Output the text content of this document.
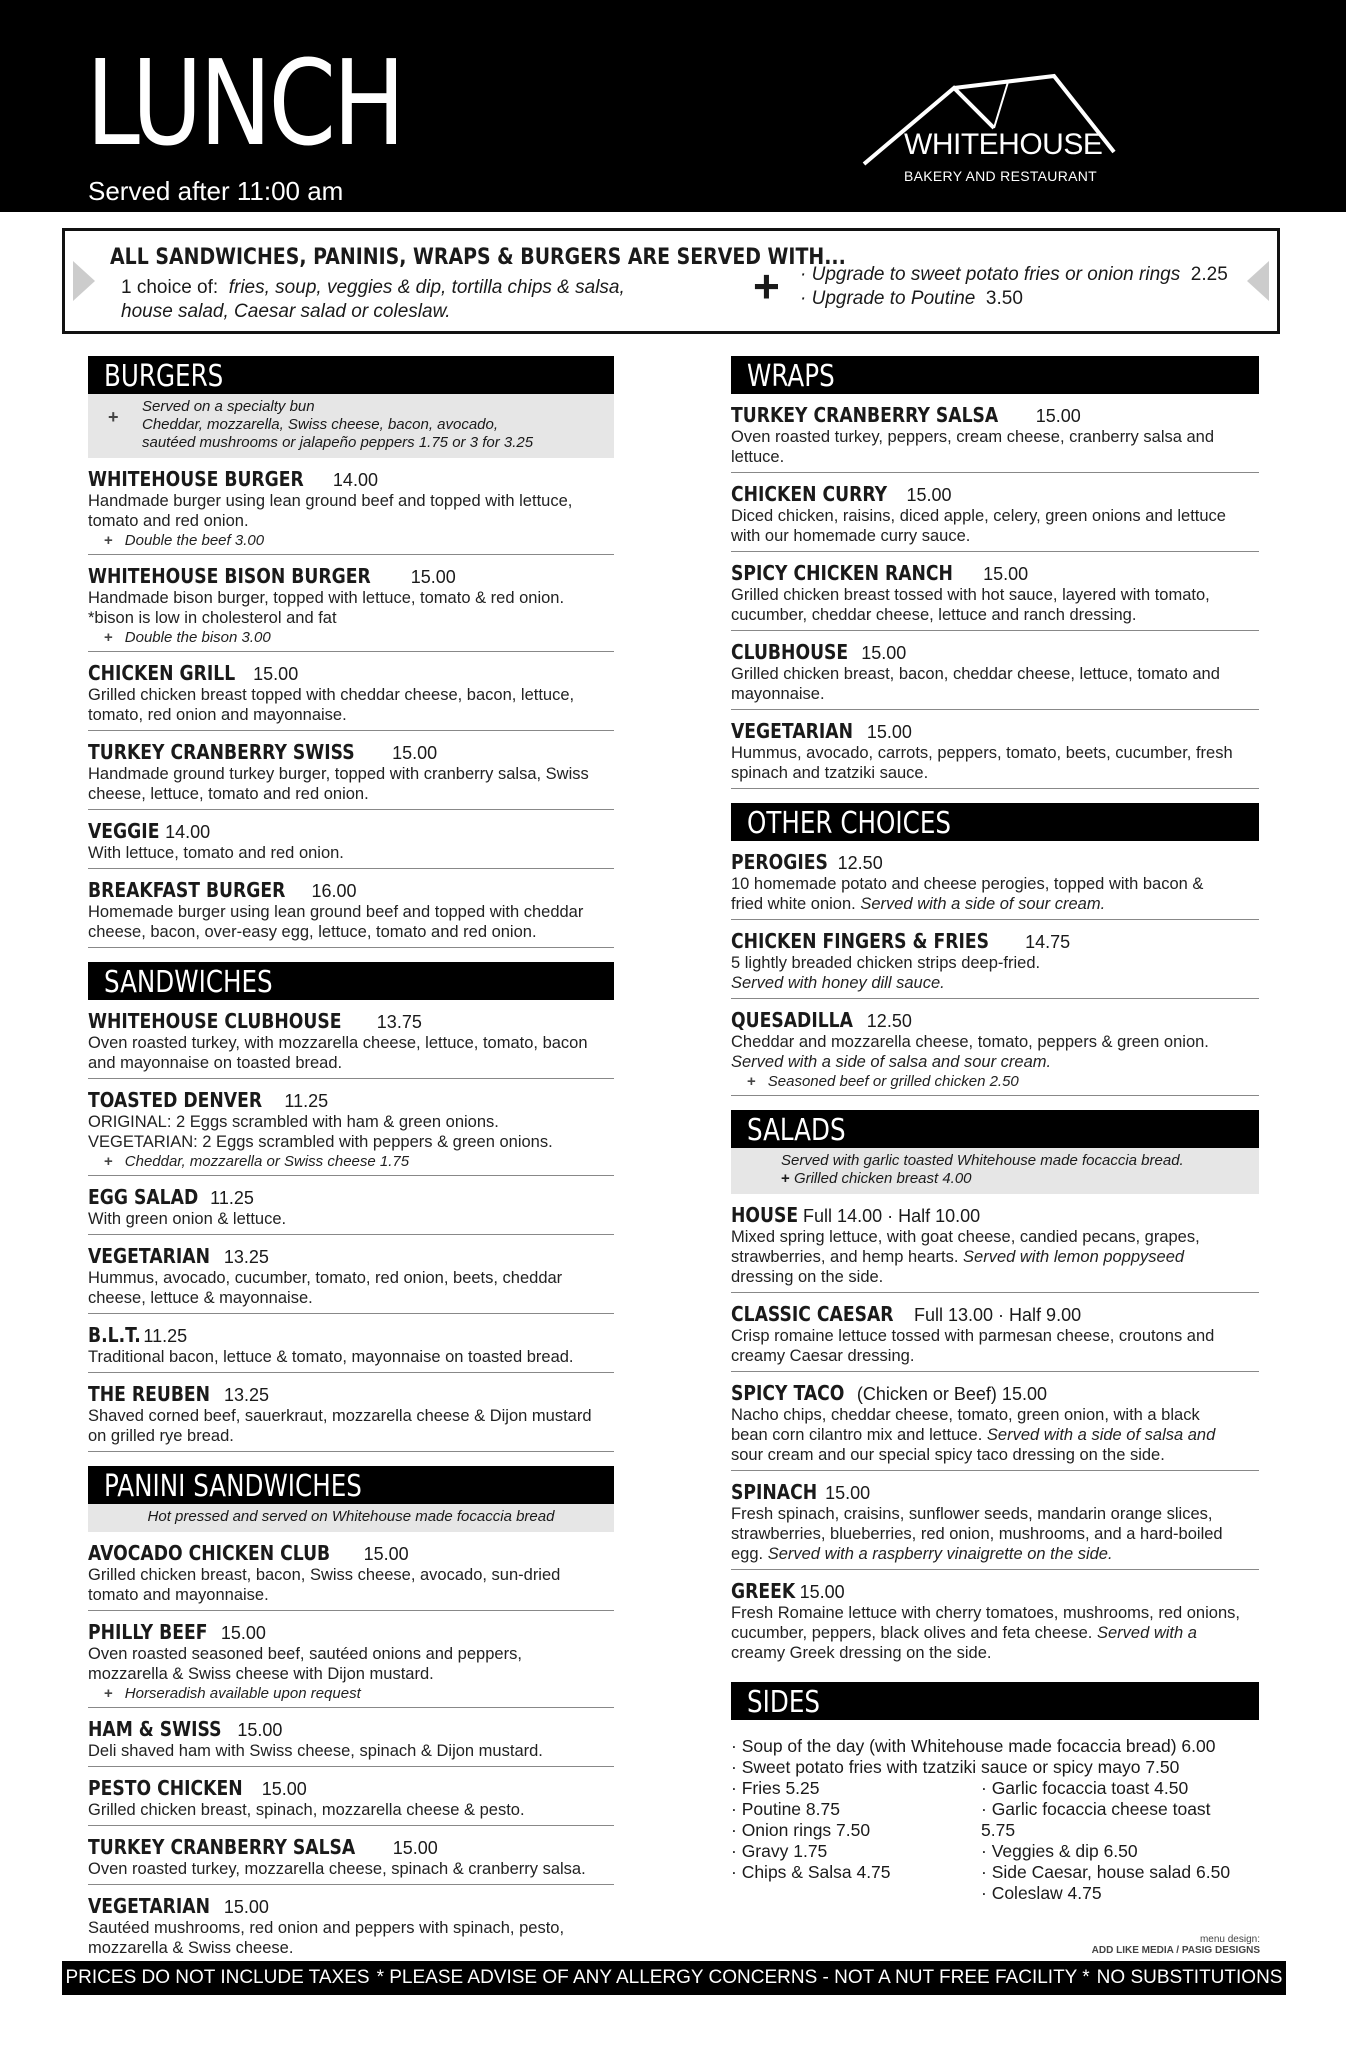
LUNCH
Served after 11:00 am
WHITEHOUSE
BAKERY AND RESTAURANT
ALL SANDWICHES, PANINIS, WRAPS & BURGERS ARE SERVED WITH...
1 choice of: fries, soup, veggies & dip, tortilla chips & salsa,
house salad, Caesar salad or coleslaw.	+ · Upgrade to sweet potato fries or onion rings 2.25
· Upgrade to Poutine 3.50
BURGERS
+
Served on a specialty bun
Cheddar, mozzarella, Swiss cheese, bacon, avocado,
sautéed mushrooms or jalapeño peppers 1.75 or 3 for 3.25
WHITEHOUSE BURGER 14.00
Handmade burger using lean ground beef and topped with lettuce,
tomato and red onion.
+ Double the beef 3.00
WHITEHOUSE BISON BURGER 15.00
Handmade bison burger, topped with lettuce, tomato & red onion.
*bison is low in cholesterol and fat
+ Double the bison 3.00
CHICKEN GRILL 15.00
Grilled chicken breast topped with cheddar cheese, bacon, lettuce,
tomato, red onion and mayonnaise.
TURKEY CRANBERRY SWISS 15.00
Handmade ground turkey burger, topped with cranberry salsa, Swiss
cheese, lettuce, tomato and red onion.
VEGGIE 14.00
With lettuce, tomato and red onion.
BREAKFAST BURGER 16.00
Homemade burger using lean ground beef and topped with cheddar
cheese, bacon, over-easy egg, lettuce, tomato and red onion.
SANDWICHES
WHITEHOUSE CLUBHOUSE 13.75
Oven roasted turkey, with mozzarella cheese, lettuce, tomato, bacon
and mayonnaise on toasted bread.
TOASTED DENVER 11.25
ORIGINAL: 2 Eggs scrambled with ham & green onions.
VEGETARIAN: 2 Eggs scrambled with peppers & green onions.
+ Cheddar, mozzarella or Swiss cheese 1.75
EGG SALAD 11.25
With green onion & lettuce.
VEGETARIAN 13.25
Hummus, avocado, cucumber, tomato, red onion, beets, cheddar
cheese, lettuce & mayonnaise.
B.L.T. 11.25
Traditional bacon, lettuce & tomato, mayonnaise on toasted bread.
THE REUBEN 13.25
Shaved corned beef, sauerkraut, mozzarella cheese & Dijon mustard
on grilled rye bread.
PANINI SANDWICHES
Hot pressed and served on Whitehouse made focaccia bread
AVOCADO CHICKEN CLUB 15.00
Grilled chicken breast, bacon, Swiss cheese, avocado, sun-dried
tomato and mayonnaise.
PHILLY BEEF 15.00
Oven roasted seasoned beef, sautéed onions and peppers,
mozzarella & Swiss cheese with Dijon mustard.
+ Horseradish available upon request
HAM & SWISS 15.00
Deli shaved ham with Swiss cheese, spinach & Dijon mustard.
PESTO CHICKEN 15.00
Grilled chicken breast, spinach, mozzarella cheese & pesto.
TURKEY CRANBERRY SALSA 15.00
Oven roasted turkey, mozzarella cheese, spinach & cranberry salsa.
VEGETARIAN 15.00
Sautéed mushrooms, red onion and peppers with spinach, pesto,
mozzarella & Swiss cheese.
WRAPS
TURKEY CRANBERRY SALSA 15.00
Oven roasted turkey, peppers, cream cheese, cranberry salsa and
lettuce.
CHICKEN CURRY 15.00
Diced chicken, raisins, diced apple, celery, green onions and lettuce
with our homemade curry sauce.
SPICY CHICKEN RANCH 15.00
Grilled chicken breast tossed with hot sauce, layered with tomato,
cucumber, cheddar cheese, lettuce and ranch dressing.
CLUBHOUSE 15.00
Grilled chicken breast, bacon, cheddar cheese, lettuce, tomato and
mayonnaise.
VEGETARIAN 15.00
Hummus, avocado, carrots, peppers, tomato, beets, cucumber, fresh
spinach and tzatziki sauce.
OTHER CHOICES
PEROGIES 12.50
10 homemade potato and cheese perogies, topped with bacon &
fried white onion. Served with a side of sour cream.
CHICKEN FINGERS & FRIES 14.75
5 lightly breaded chicken strips deep-fried.
Served with honey dill sauce.
QUESADILLA 12.50
Cheddar and mozzarella cheese, tomato, peppers & green onion.
Served with a side of salsa and sour cream.
+ Seasoned beef or grilled chicken 2.50
SALADS
Served with garlic toasted Whitehouse made focaccia bread.
+ Grilled chicken breast 4.00
HOUSE Full 14.00 · Half 10.00
Mixed spring lettuce, with goat cheese, candied pecans, grapes,
strawberries, and hemp hearts. Served with lemon poppyseed
dressing on the side.
CLASSIC CAESAR Full 13.00 · Half 9.00
Crisp romaine lettuce tossed with parmesan cheese, croutons and
creamy Caesar dressing.
SPICY TACO (Chicken or Beef) 15.00
Nacho chips, cheddar cheese, tomato, green onion, with a black
bean corn cilantro mix and lettuce. Served with a side of salsa and
sour cream and our special spicy taco dressing on the side.
SPINACH 15.00
Fresh spinach, craisins, sunflower seeds, mandarin orange slices,
strawberries, blueberries, red onion, mushrooms, and a hard-boiled
egg. Served with a raspberry vinaigrette on the side.
GREEK 15.00
Fresh Romaine lettuce with cherry tomatoes, mushrooms, red onions,
cucumber, peppers, black olives and feta cheese. Served with a
creamy Greek dressing on the side.
SIDES
· Soup of the day (with Whitehouse made focaccia bread) 6.00
· Sweet potato fries with tzatziki sauce or spicy mayo 7.50
· Fries 5.25
· Poutine 8.75
· Onion rings 7.50
· Gravy 1.75
· Chips & Salsa 4.75
· Garlic focaccia toast 4.50
· Garlic focaccia cheese toast 5.75
· Veggies & dip 6.50
· Side Caesar, house salad 6.50
· Coleslaw 4.75
menu design:
ADD LIKE MEDIA / PASIG DESIGNS
PRICES DO NOT INCLUDE TAXES * PLEASE ADVISE OF ANY ALLERGY CONCERNS - NOT A NUT FREE FACILITY * NO SUBSTITUTIONS
